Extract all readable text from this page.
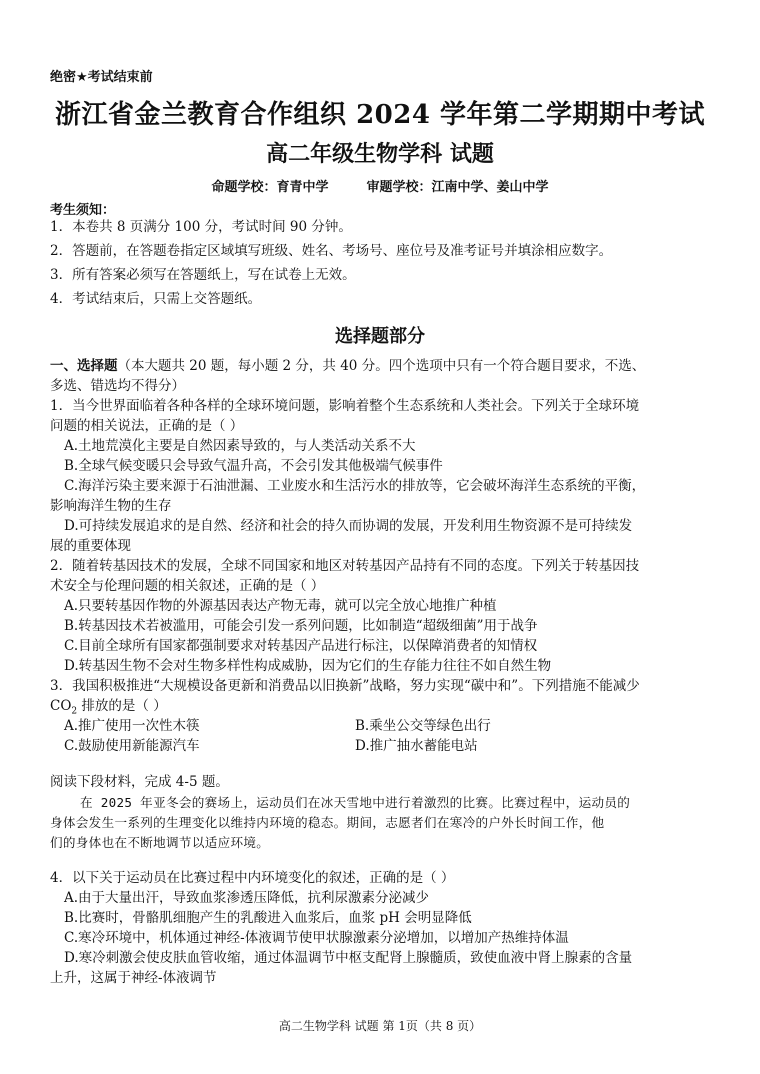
绝密★考试结束前
浙江省金兰教育合作组织 2024 学年第二学期期中考试
高二年级生物学科 试题
命题学校：育青中学	审题学校：江南中学、姜山中学
考生须知：
1．本卷共 8 页满分 100 分，考试时间 90 分钟。
2．答题前，在答题卷指定区域填写班级、姓名、考场号、座位号及准考证号并填涂相应数字。
3．所有答案必须写在答题纸上，写在试卷上无效。
4．考试结束后，只需上交答题纸。
选择题部分
一、选择题（本大题共 20 题，每小题 2 分，共 40 分。四个选项中只有一个符合题目要求，不选、
多选、错选均不得分）
1．当今世界面临着各种各样的全球环境问题，影响着整个生态系统和人类社会。下列关于全球环境
问题的相关说法，正确的是（ ）
A.土地荒漠化主要是自然因素导致的，与人类活动关系不大
B.全球气候变暖只会导致气温升高，不会引发其他极端气候事件
C.海洋污染主要来源于石油泄漏、工业废水和生活污水的排放等，它会破坏海洋生态系统的平衡，
影响海洋生物的生存
D.可持续发展追求的是自然、经济和社会的持久而协调的发展，开发利用生物资源不是可持续发
展的重要体现
2．随着转基因技术的发展，全球不同国家和地区对转基因产品持有不同的态度。下列关于转基因技
术安全与伦理问题的相关叙述，正确的是（ ）
A.只要转基因作物的外源基因表达产物无毒，就可以完全放心地推广种植
B.转基因技术若被滥用，可能会引发一系列问题，比如制造“超级细菌”用于战争
C.目前全球所有国家都强制要求对转基因产品进行标注，以保障消费者的知情权
D.转基因生物不会对生物多样性构成威胁，因为它们的生存能力往往不如自然生物
3．我国积极推进“大规模设备更新和消费品以旧换新”战略，努力实现“碳中和”。下列措施不能减少
$CO_2$ 排放的是（ ）
A.推广使用一次性木筷	B.乘坐公交等绿色出行
C.鼓励使用新能源汽车	D.推广抽水蓄能电站
阅读下段材料，完成 4-5 题。
在 2025 年亚冬会的赛场上，运动员们在冰天雪地中进行着激烈的比赛。比赛过程中，运动员的
身体会发生一系列的生理变化以维持内环境的稳态。期间，志愿者们在寒冷的户外长时间工作，他
们的身体也在不断地调节以适应环境。
4．以下关于运动员在比赛过程中内环境变化的叙述，正确的是（ ）
A.由于大量出汗，导致血浆渗透压降低，抗利尿激素分泌减少
B.比赛时，骨骼肌细胞产生的乳酸进入血浆后，血浆 pH 会明显降低
C.寒冷环境中，机体通过神经-体液调节使甲状腺激素分泌增加，以增加产热维持体温
D.寒冷刺激会使皮肤血管收缩，通过体温调节中枢支配肾上腺髓质，致使血液中肾上腺素的含量
上升，这属于神经-体液调节
高二生物学科 试题 第 1页（共 8 页）
